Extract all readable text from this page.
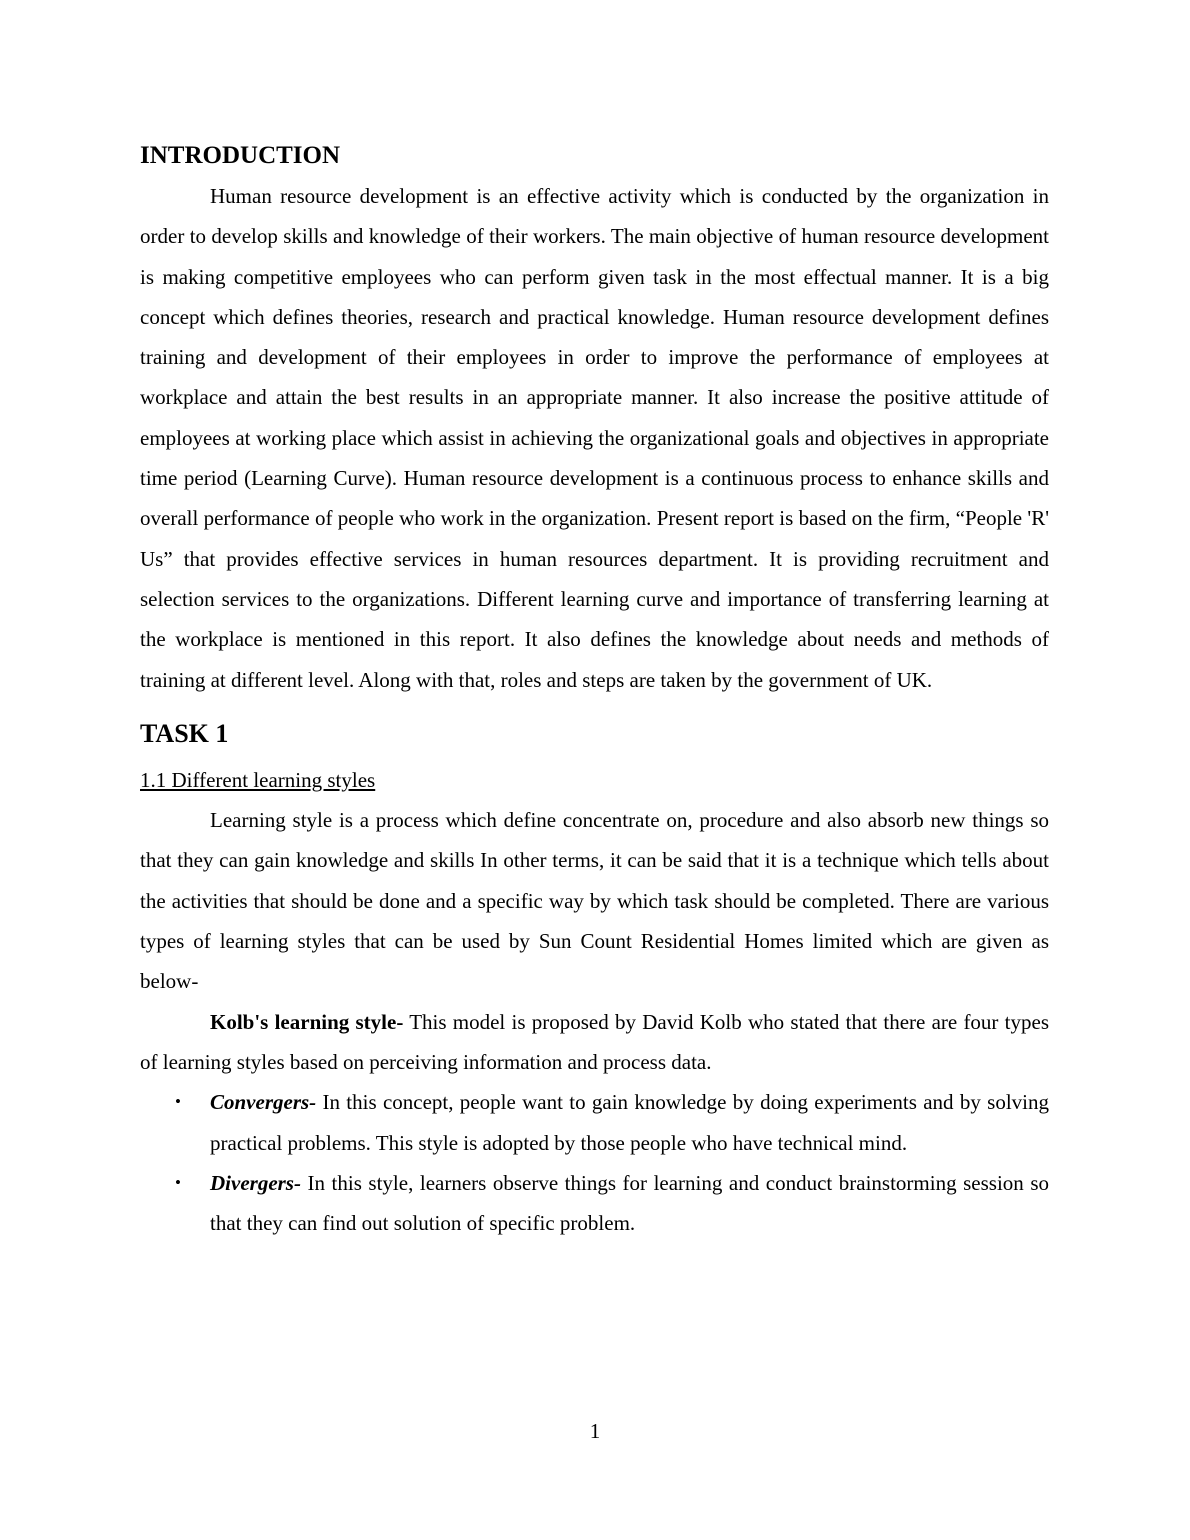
INTRODUCTION

Human resource development is an effective activity which is conducted by the organization in order to develop skills and knowledge of their workers. The main objective of human resource development is making competitive employees who can perform given task in the most effectual manner. It is a big concept which defines theories, research and practical knowledge. Human resource development defines training and development of their employees in order to improve the performance of employees at workplace and attain the best results in an appropriate manner. It also increase the positive attitude of employees at working place which assist in achieving the organizational goals and objectives in appropriate time period (Learning Curve). Human resource development is a continuous process to enhance skills and overall performance of people who work in the organization. Present report is based on the firm, “People 'R' Us” that provides effective services in human resources department. It is providing recruitment and selection services to the organizations. Different learning curve and importance of transferring learning at the workplace is mentioned in this report. It also defines the knowledge about needs and methods of training at different level. Along with that, roles and steps are taken by the government of UK.

TASK 1

1.1 Different learning styles

Learning style is a process which define concentrate on, procedure and also absorb new things so that they can gain knowledge and skills In other terms, it can be said that it is a technique which tells about the activities that should be done and a specific way by which task should be completed. There are various types of learning styles that can be used by Sun Count Residential Homes limited which are given as below-

Kolb's learning style- This model is proposed by David Kolb who stated that there are four types of learning styles based on perceiving information and process data.

• Convergers- In this concept, people want to gain knowledge by doing experiments and by solving practical problems. This style is adopted by those people who have technical mind.
• Divergers- In this style, learners observe things for learning and conduct brainstorming session so that they can find out solution of specific problem.
1
